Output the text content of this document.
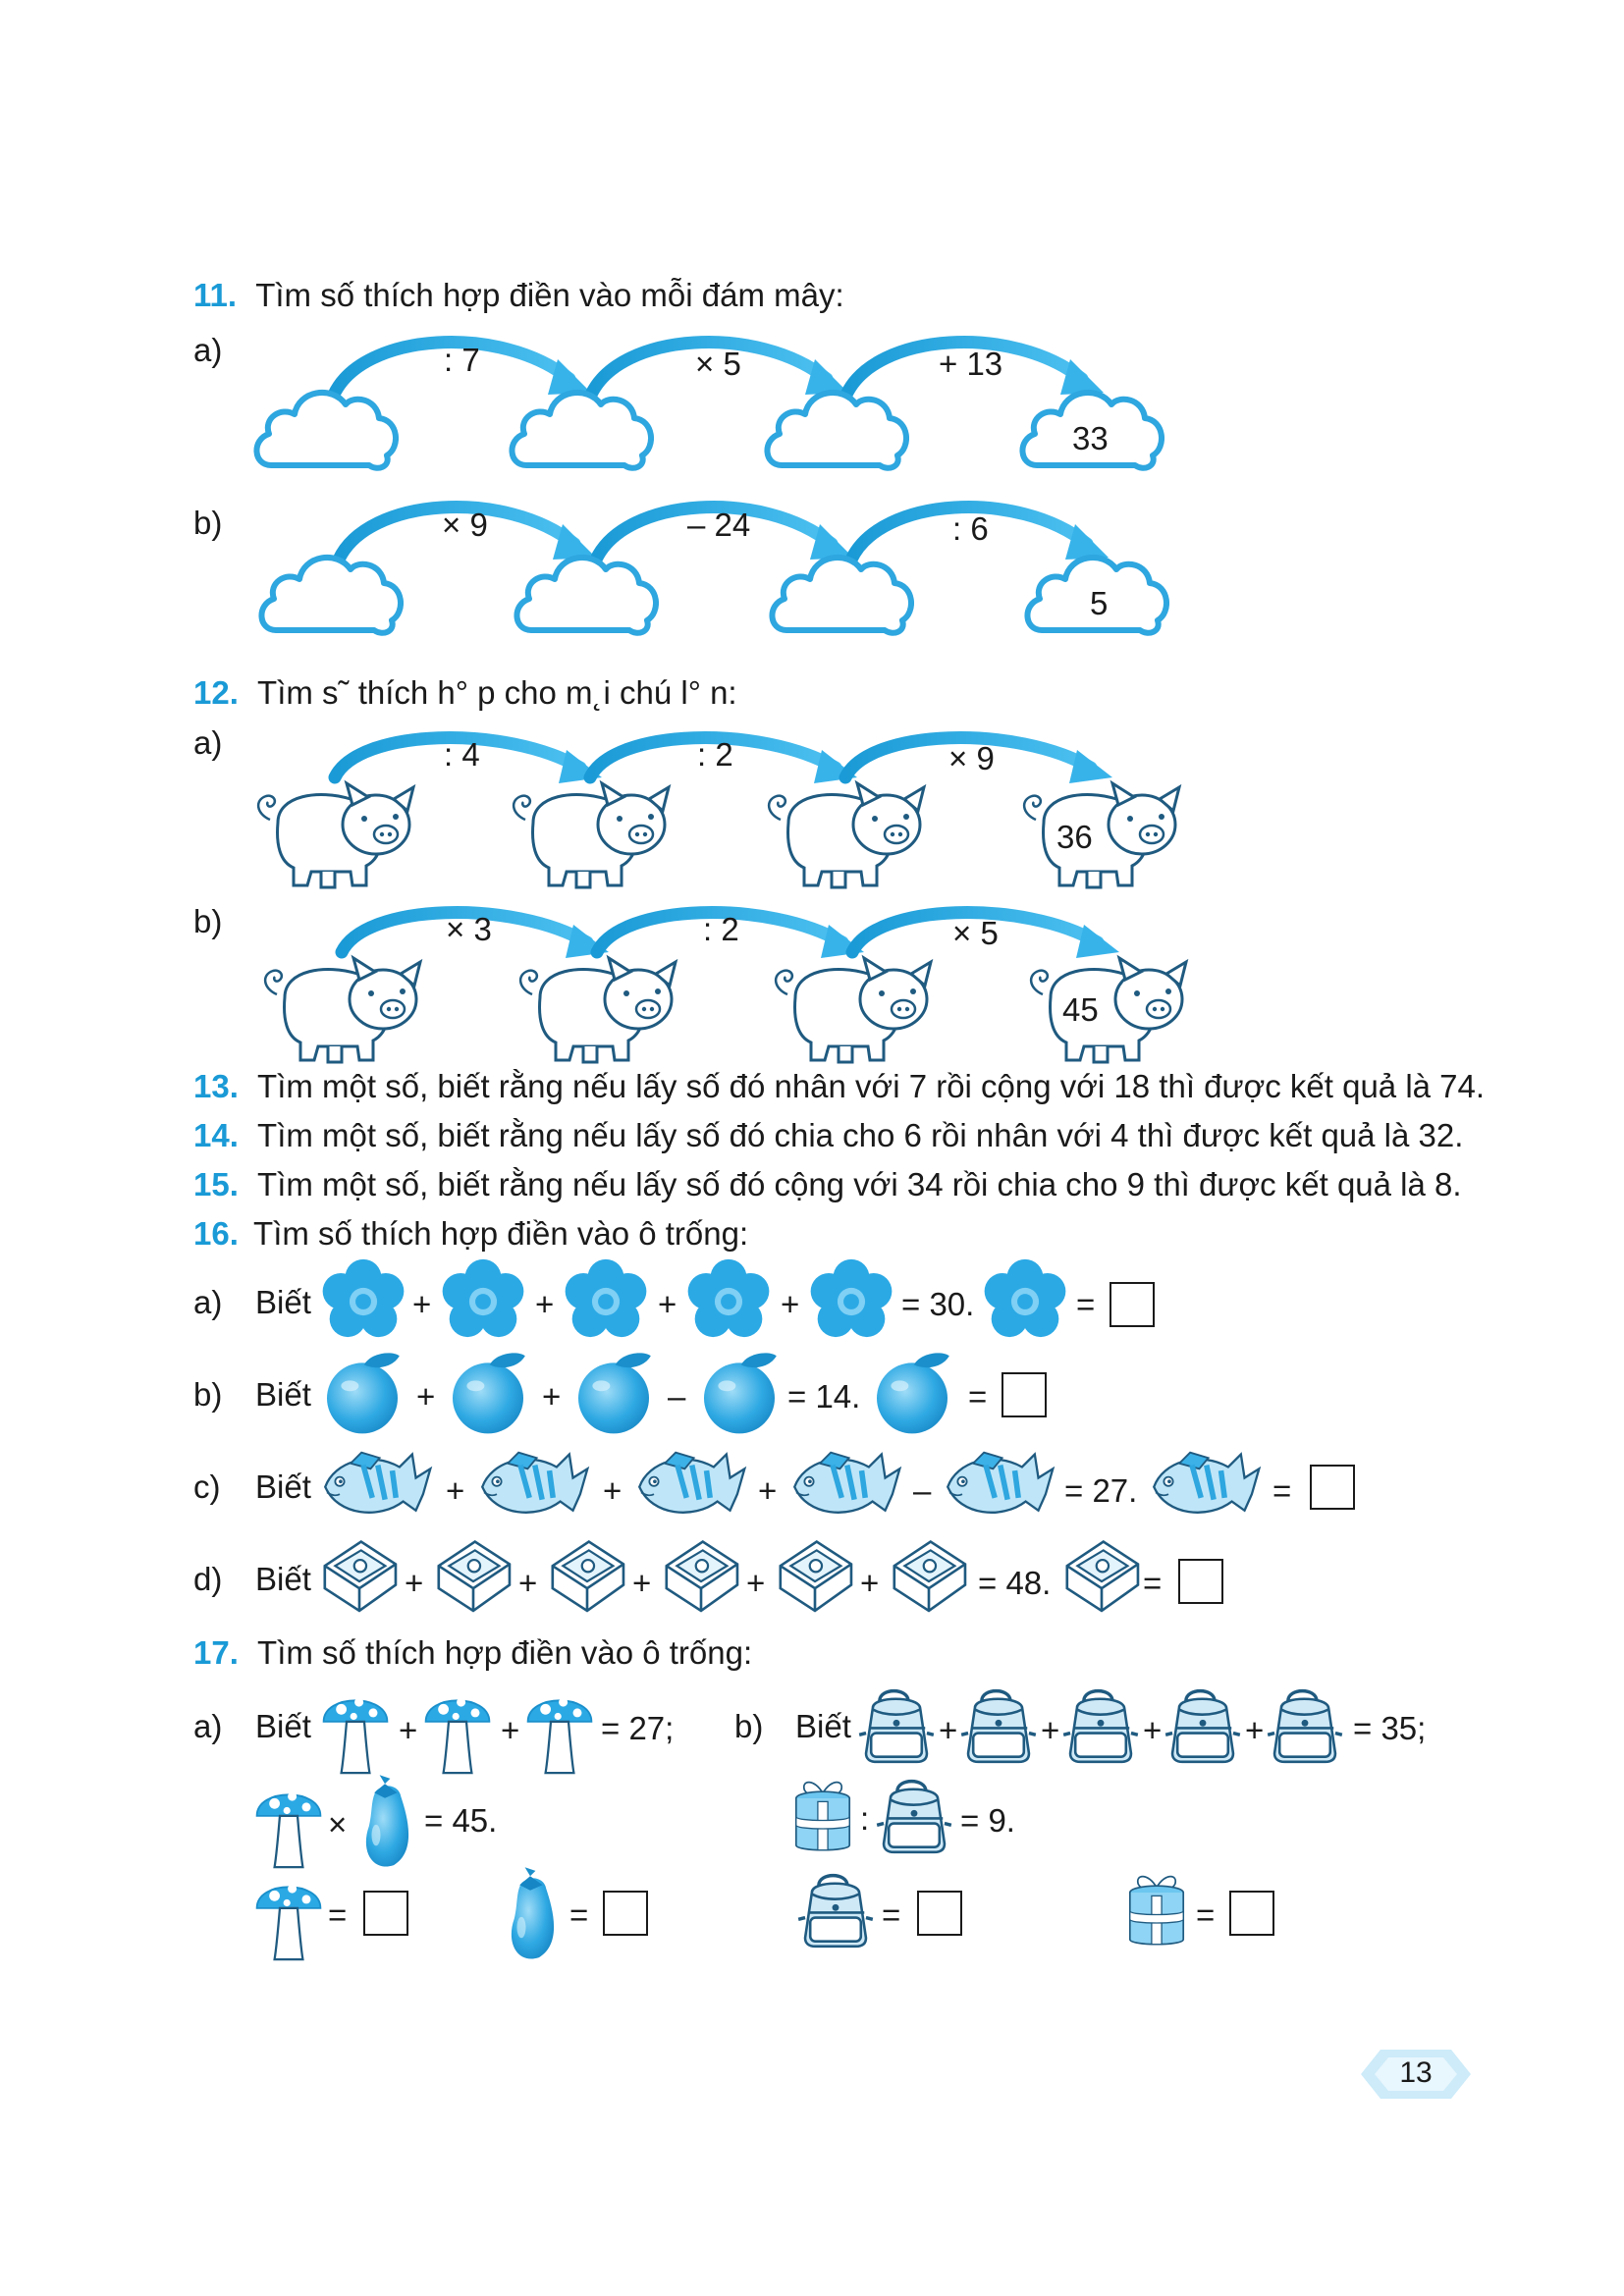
11. Tìm số thích hợp điền vào mỗi đám mây:
a)	: 7	× 5	+ 13
33
b)	× 9	– 24	: 6
5
12. Tìm s˜ thích h° p cho m˛i chú l° n:
a)	: 4	: 2	× 9
36
b)	× 3	: 2	× 5
45
13. Tìm một số, biết rằng nếu lấy số đó nhân với 7 rồi cộng với 18 thì được kết quả là 74.
14. Tìm một số, biết rằng nếu lấy số đó chia cho 6 rồi nhân với 4 thì được kết quả là 32.
15. Tìm một số, biết rằng nếu lấy số đó cộng với 34 rồi chia cho 9 thì được kết quả là 8.
16. Tìm số thích hợp điền vào ô trống:
a) Biết	+	+	+	+	= 30.	=
b) Biết	+	+	–	= 14.	=
c) Biết	+	+	+	–	= 27.	=
d) Biết	+	+	+	+	+	= 48.	=
17. Tìm số thích hợp điền vào ô trống:
a) Biết	+	+	= 27;
× = 45.
=	=
b) Biết	+	+	+	+	= 35;
:	= 9.
=	=
13
